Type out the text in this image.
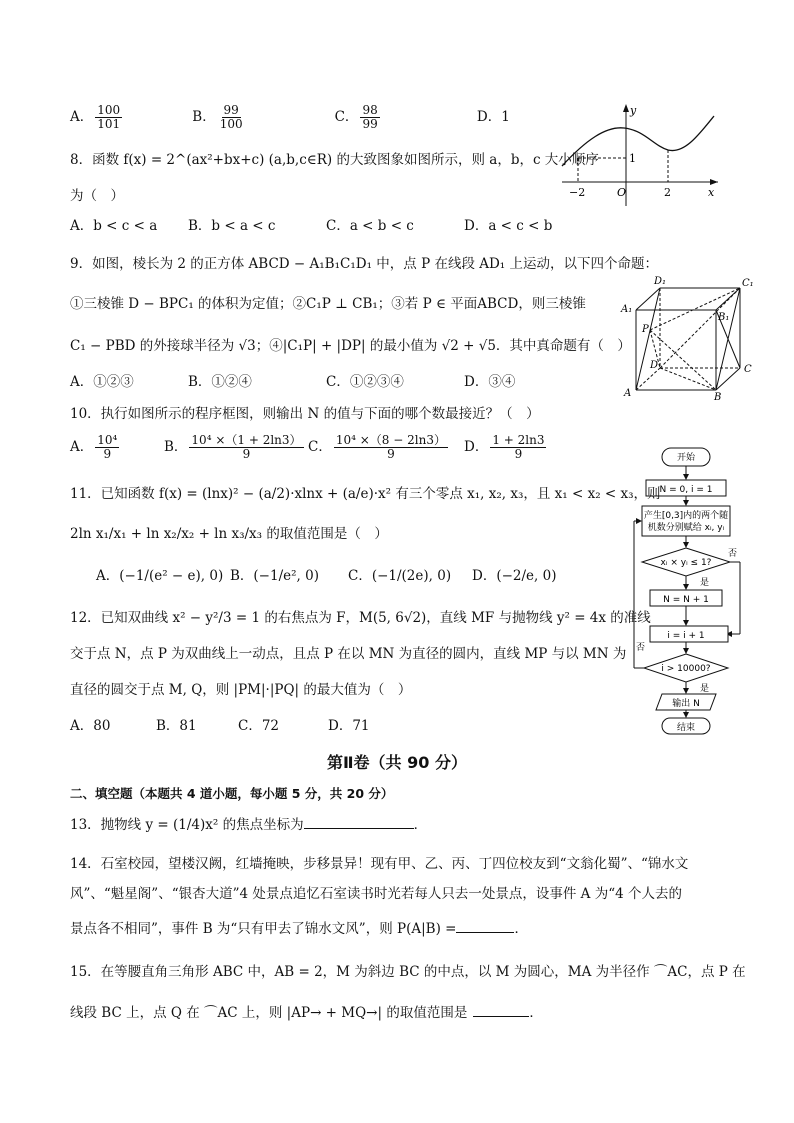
A． $\frac{100}{101}$	B． $\frac{99}{100}$	C． $\frac{98}{99}$	D．1
8．函数 f(x) = 2^(ax²+bx+c) (a,b,c∈R) 的大致图象如图所示，则 a，b，c 大小顺序
为（　）
A．b < c < a B．b < a < c	C．a < b < c	D．a < c < b
y
x
O
−2	2
1
9．如图，棱长为 2 的正方体 ABCD − A₁B₁C₁D₁ 中，点 P 在线段 AD₁ 上运动，以下四个命题：
①三棱锥 D − BPC₁ 的体积为定值；②C₁P ⊥ CB₁；③若 P ∈ 平面ABCD，则三棱锥
C₁ − PBD 的外接球半径为 √3；④|C₁P| + |DP| 的最小值为 √2 + √5．其中真命题有（　）
A．①②③	B．①②④	C．①②③④	D．③④
D₁	C₁
A₁
B₁
P
D	C
A	B
10．执行如图所示的程序框图，则输出 N 的值与下面的哪个数最接近？（　）
A． $\frac{\text{10⁴}}{9}$	B． $\frac{\text{10⁴ ×（1 + 2ln3）}}{9}$ C． $\frac{\text{10⁴ ×（8 − 2ln3）}}{9}$ D． $\frac{1 + 2\ln 3}{9}$	开始
N = 0, i = 1
产生[0,3]内的两个随
机数分别赋给 xᵢ, yᵢ
xᵢ × yᵢ ≤ 1?
否
是
N = N + 1
i = i + 1
i > 10000?
否
是
输出 N
结束
11．已知函数 f(x) = (lnx)² − (a/2)·xlnx + (a/e)·x² 有三个零点 x₁, x₂, x₃，且 x₁ < x₂ < x₃，则
2ln x₁/x₁ + ln x₂/x₂ + ln x₃/x₃ 的取值范围是（　）
A．(−1/(e² − e), 0) B．(−1/e², 0) C．(−1/(2e), 0) D．(−2/e, 0)
12．已知双曲线 x² − y²/3 = 1 的右焦点为 F，M(5, 6√2)，直线 MF 与抛物线 y² = 4x 的准线
交于点 N，点 P 为双曲线上一动点，且点 P 在以 MN 为直径的圆内，直线 MP 与以 MN 为
直径的圆交于点 M, Q，则 |PM|·|PQ| 的最大值为（　）
A．80	B．81	C．72	D．71
第Ⅱ卷（共 90 分）
二、填空题（本题共 4 道小题，每小题 5 分，共 20 分）
13．抛物线 y = (1/4)x² 的焦点坐标为	．
14．石室校园，望楼汉阙，红墙掩映，步移景异！现有甲、乙、丙、丁四位校友到“文翁化蜀”、“锦水文
风”、“魁星阁”、“银杏大道”4 处景点追忆石室读书时光若每人只去一处景点，设事件 A 为“4 个人去的
景点各不相同”，事件 B 为“只有甲去了锦水文风”，则 P(A|B) =	．
15．在等腰直角三角形 ABC 中，AB = 2，M 为斜边 BC 的中点，以 M 为圆心，MA 为半径作 ⌒AC，点 P 在
线段 BC 上，点 Q 在 ⌒AC 上，则 |AP→ + MQ→| 的取值范围是	．
